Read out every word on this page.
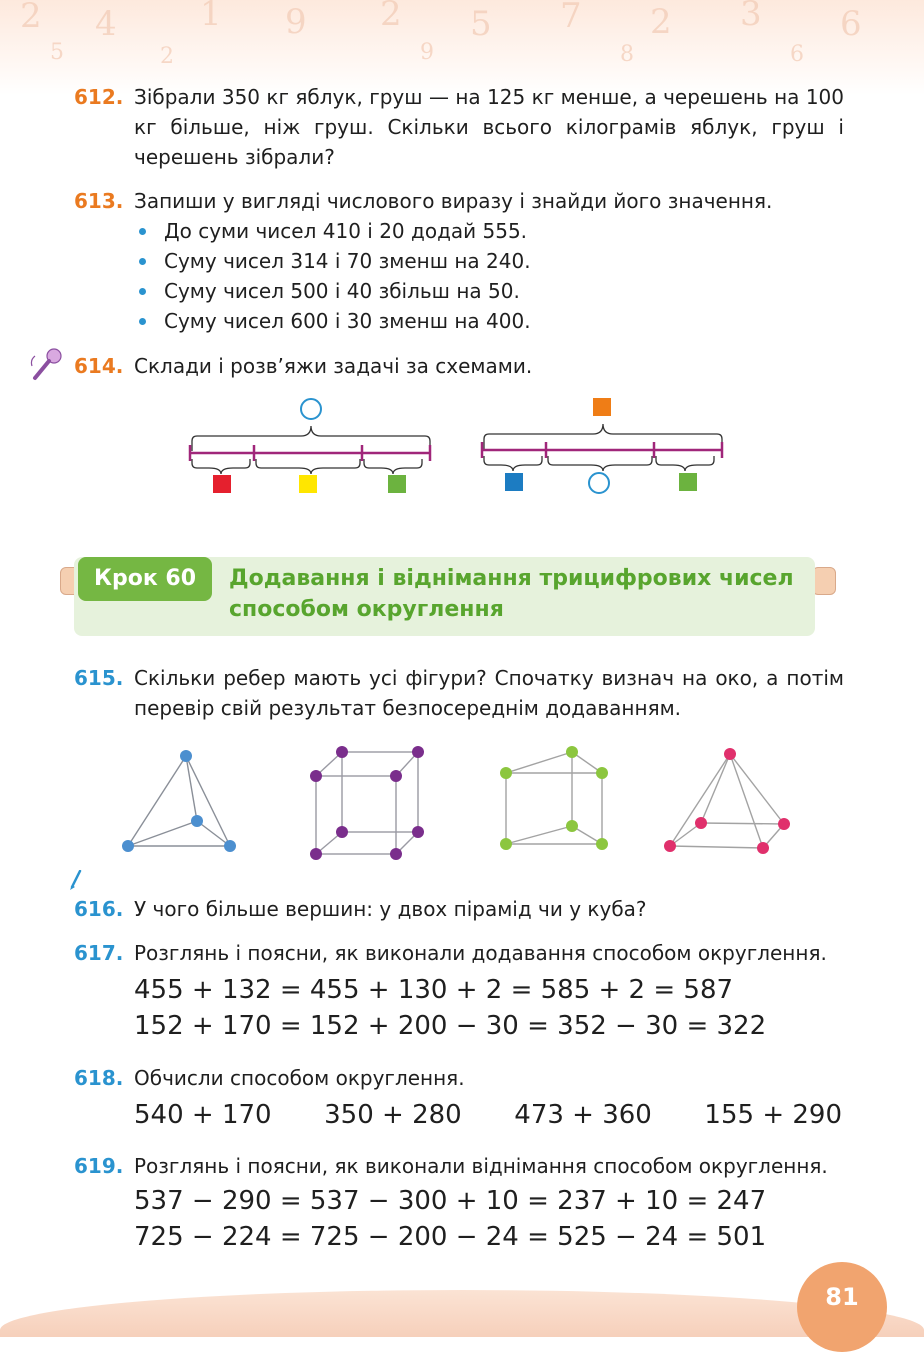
2 4 1 9 2 5 7 2 3 6
5	2	9	8	6
612. Зібрали 350 кг яблук, груш — на 125 кг менше, а черешень на 100 кг більше, ніж груш. Скільки всього кілограмів яблук, груш і черешень зібрали?
613. Запиши у вигляді числового виразу і знайди його значення.
До суми чисел 410 і 20 додай 555.
Суму чисел 314 і 70 зменш на 240.
Суму чисел 500 і 40 збільш на 50.
Суму чисел 600 і 30 зменш на 400.
614. Склади і розв’яжи задачі за схемами.
Крок 60	Додавання і віднімання трицифрових чисел способом округлення
615. Скільки ребер мають усі фігури? Спочатку визнач на око, а потім перевір свій результат безпосереднім додаванням.
616. У чого більше вершин: у двох пірамід чи у куба?
617. Розглянь і поясни, як виконали додавання способом округлення.
455 + 132 = 455 + 130 + 2 = 585 + 2 = 587
152 + 170 = 152 + 200 − 30 = 352 − 30 = 322
618. Обчисли способом округлення.
540 + 170 350 + 280 473 + 360 155 + 290
619. Розглянь і поясни, як виконали віднімання способом округлення.
537 − 290 = 537 − 300 + 10 = 237 + 10 = 247
725 − 224 = 725 − 200 − 24 = 525 − 24 = 501
81
